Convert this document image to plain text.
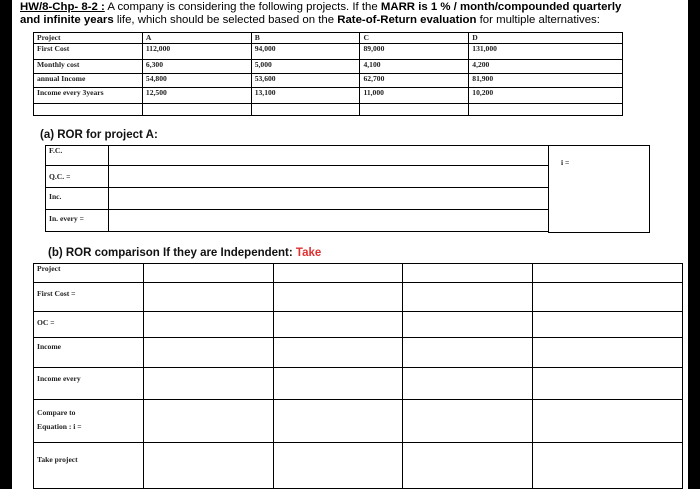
HW/8-Chp- 8-2 : A company is considering the following projects. If the MARR is 1 % / month/compounded quarterly
and infinite years life, which should be selected based on the Rate-of-Return evaluation for multiple alternatives:
Project	A	B	C	D
First Cost	112,000	94,000	89,000	131,000
Monthly cost	6,300	5,000	4,100	4,200
annual Income	54,800	53,600	62,700	81,900
Income every 3years	12,500	13,100	11,000	10,200

(a) ROR for project A:
F.C.	
Q.C. =	
Inc.	
In. every =	
i =
(b) ROR comparison If they are Independent: Take
Project				
First Cost =				
OC =				
Income				
Income every				
Compare to
Equation : i =				
Take project				
